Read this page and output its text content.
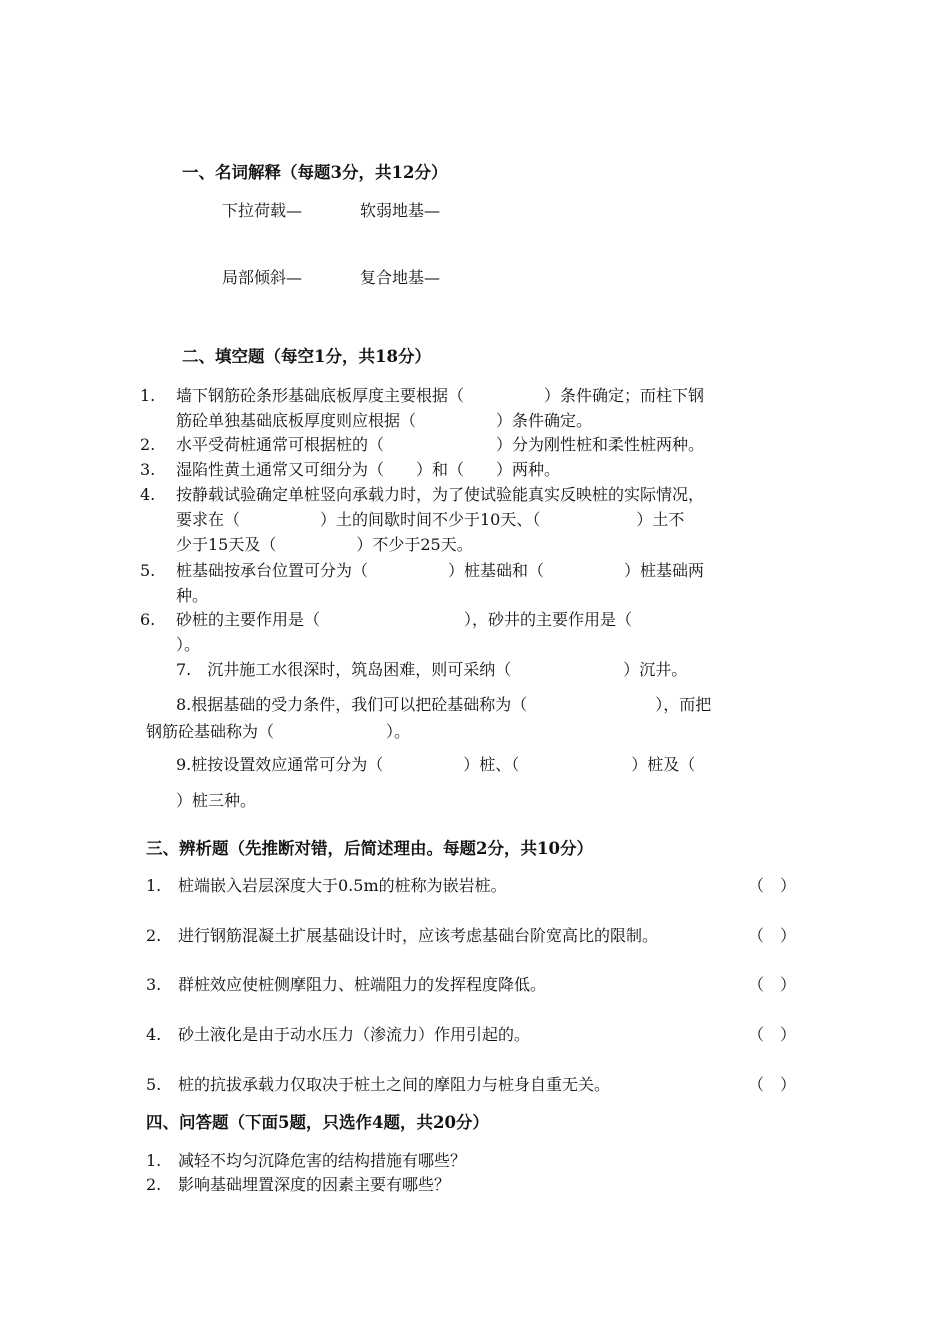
一、名词解释（每题3分，共12分）
下拉荷载—	软弱地基—
局部倾斜—	复合地基—
二、填空题（每空1分，共18分）
1. 墙下钢筋砼条形基础底板厚度主要根据（　　　　　）条件确定；而柱下钢
筋砼单独基础底板厚度则应根据（　　　　　）条件确定。
2. 水平受荷桩通常可根据桩的（　　　　　　　）分为刚性桩和柔性桩两种。
3. 湿陷性黄土通常又可细分为（　　）和（　　）两种。
4. 按静载试验确定单桩竖向承载力时，为了使试验能真实反映桩的实际情况，
要求在（　　　　　）土的间歇时间不少于10天、（　　　　　　）土不
少于15天及（　　　　　）不少于25天。
5. 桩基础按承台位置可分为（　　　　　）桩基础和（　　　　　）桩基础两
种。
6. 砂桩的主要作用是（　　　　　　　　　），砂井的主要作用是（
）。
7.　沉井施工水很深时，筑岛困难，则可采纳（　　　　　　　）沉井。
8.根据基础的受力条件，我们可以把砼基础称为（　　　　　　　　），而把
钢筋砼基础称为（　　　　　　　）。
9.桩按设置效应通常可分为（　　　　　）桩、（　　　　　　　）桩及（
）桩三种。
三、辨析题（先推断对错，后简述理由。每题2分，共10分）
1. 桩端嵌入岩层深度大于0.5m的桩称为嵌岩桩。	（　）
2. 进行钢筋混凝土扩展基础设计时，应该考虑基础台阶宽高比的限制。	（　）
3. 群桩效应使桩侧摩阻力、桩端阻力的发挥程度降低。	（　）
4. 砂土液化是由于动水压力（渗流力）作用引起的。	（　）
5. 桩的抗拔承载力仅取决于桩土之间的摩阻力与桩身自重无关。	（　）
四、问答题（下面5题，只选作4题，共20分）
1. 减轻不均匀沉降危害的结构措施有哪些？
2. 影响基础埋置深度的因素主要有哪些？
